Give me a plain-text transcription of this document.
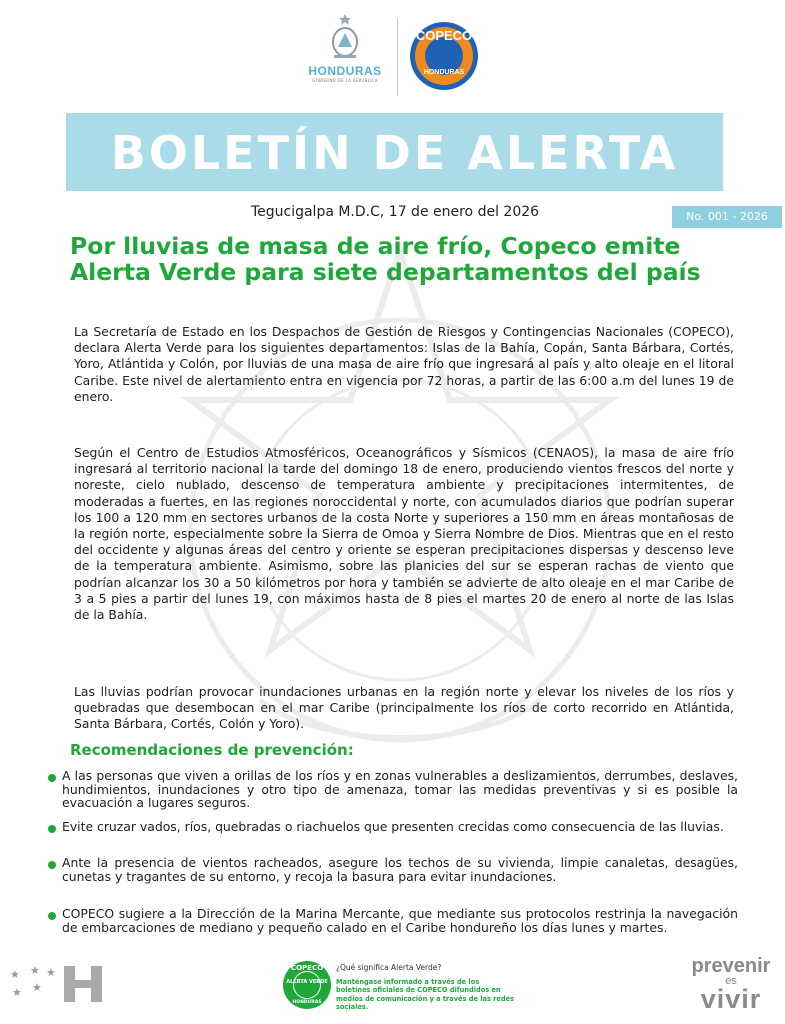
HONDURAS
GOBIERNO DE LA REPÚBLICA
COPECO
HONDURAS
BOLETÍN DE ALERTA
Tegucigalpa M.D.C, 17 de enero del 2026	No. 001 - 2026
Por lluvias de masa de aire frío, Copeco emite Alerta Verde para siete departamentos del país
La Secretaría de Estado en los Despachos de Gestión de Riesgos y Contingencias Nacionales (COPECO), declara Alerta Verde para los siguientes departamentos: Islas de la Bahía, Copán, Santa Bárbara, Cortés, Yoro, Atlántida y Colón, por lluvias de una masa de aire frío que ingresará al país y alto oleaje en el litoral Caribe. Este nivel de alertamiento entra en vigencia por 72 horas, a partir de las 6:00 a.m del lunes 19 de enero.
Según el Centro de Estudios Atmosféricos, Oceanográficos y Sísmicos (CENAOS), la masa de aire frío ingresará al territorio nacional la tarde del domingo 18 de enero, produciendo vientos frescos del norte y noreste, cielo nublado, descenso de temperatura ambiente y precipitaciones intermitentes, de moderadas a fuertes, en las regiones noroccidental y norte, con acumulados diarios que podrían superar los 100 a 120 mm en sectores urbanos de la costa Norte y superiores a 150 mm en áreas montañosas de la región norte, especialmente sobre la Sierra de Omoa y Sierra Nombre de Dios. Mientras que en el resto del occidente y algunas áreas del centro y oriente se esperan precipitaciones dispersas y descenso leve de la temperatura ambiente. Asimismo, sobre las planicies del sur se esperan rachas de viento que podrían alcanzar los 30 a 50 kilómetros por hora y también se advierte de alto oleaje en el mar Caribe de 3 a 5 pies a partir del lunes 19, con máximos hasta de 8 pies el martes 20 de enero al norte de las Islas de la Bahía.
Las lluvias podrían provocar inundaciones urbanas en la región norte y elevar los niveles de los ríos y quebradas que desembocan en el mar Caribe (principalmente los ríos de corto recorrido en Atlántida, Santa Bárbara, Cortés, Colón y Yoro).
Recomendaciones de prevención:
A las personas que viven a orillas de los ríos y en zonas vulnerables a deslizamientos, derrumbes, deslaves, hundimientos, inundaciones y otro tipo de amenaza, tomar las medidas preventivas y si es posible la evacuación a lugares seguros.
Evite cruzar vados, ríos, quebradas o riachuelos que presenten crecidas como consecuencia de las lluvias.
Ante la presencia de vientos racheados, asegure los techos de su vivienda, limpie canaletas, desagües, cunetas y tragantes de su entorno, y recoja la basura para evitar inundaciones.
COPECO sugiere a la Dirección de la Marina Mercante, que mediante sus protocolos restrinja la navegación de embarcaciones de mediano y pequeño calado en el Caribe hondureño los días lunes y martes.
★ ★
★ ★
★	COPECO
ALERTA VERDE
HONDURAS
¿Qué significa Alerta Verde?
Manténgase informado a través de los boletines oficiales de COPECO difundidos en medios de comunicación y a través de las redes sociales.
prevenir
es
vivir
